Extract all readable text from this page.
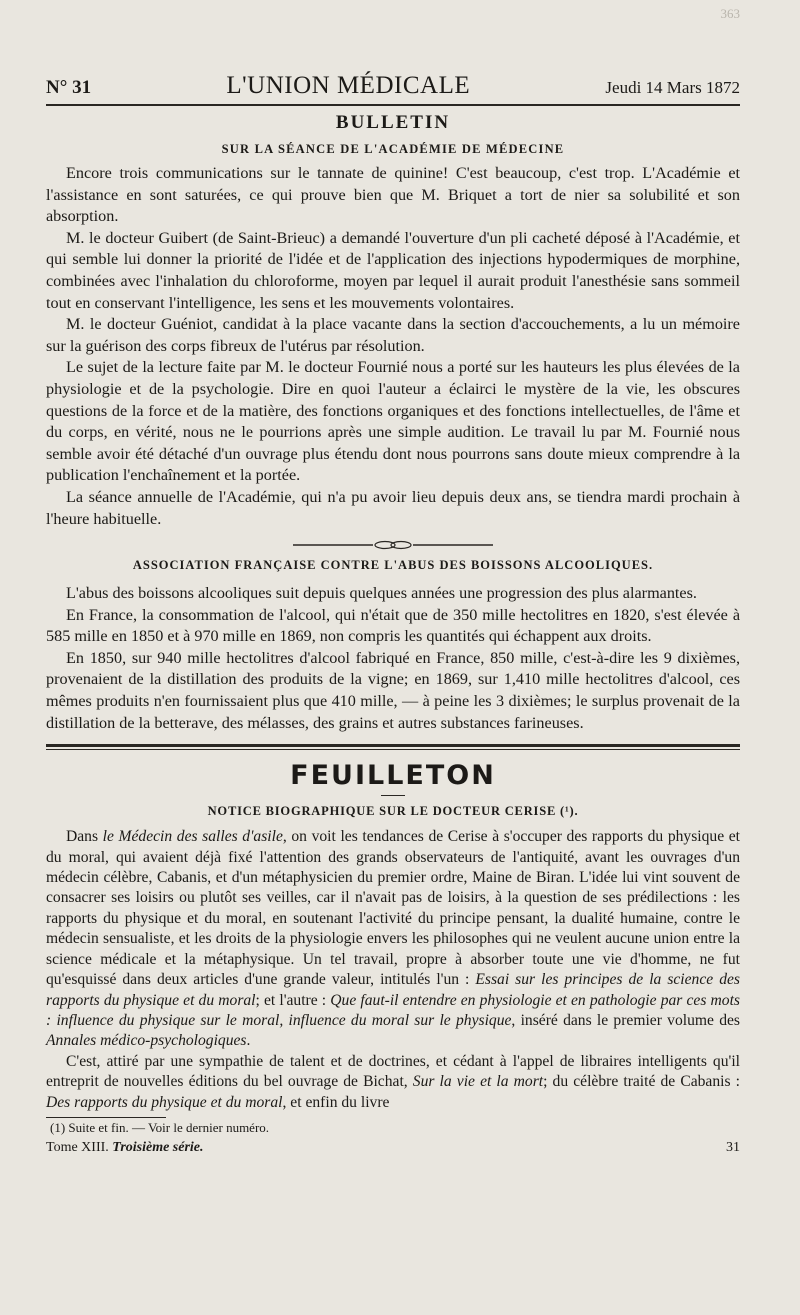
363
N° 31	L'UNION MÉDICALE	Jeudi 14 Mars 1872
BULLETIN
SUR LA SÉANCE DE L'ACADÉMIE DE MÉDECINE

Encore trois communications sur le tannate de quinine! C'est beaucoup, c'est trop. L'Académie et l'assistance en sont saturées, ce qui prouve bien que M. Briquet a tort de nier sa solubilité et son absorption.

M. le docteur Guibert (de Saint-Brieuc) a demandé l'ouverture d'un pli cacheté déposé à l'Académie, et qui semble lui donner la priorité de l'idée et de l'application des injections hypodermiques de morphine, combinées avec l'inhalation du chloroforme, moyen par lequel il aurait produit l'anesthésie sans sommeil tout en conservant l'intelligence, les sens et les mouvements volontaires.

M. le docteur Guéniot, candidat à la place vacante dans la section d'accouchements, a lu un mémoire sur la guérison des corps fibreux de l'utérus par résolution.

Le sujet de la lecture faite par M. le docteur Fournié nous a porté sur les hauteurs les plus élevées de la physiologie et de la psychologie. Dire en quoi l'auteur a éclairci le mystère de la vie, les obscures questions de la force et de la matière, des fonctions organiques et des fonctions intellectuelles, de l'âme et du corps, en vérité, nous ne le pourrions après une simple audition. Le travail lu par M. Fournié nous semble avoir été détaché d'un ouvrage plus étendu dont nous pourrons sans doute mieux comprendre à la publication l'enchaînement et la portée.

La séance annuelle de l'Académie, qui n'a pu avoir lieu depuis deux ans, se tiendra mardi prochain à l'heure habituelle.

ASSOCIATION FRANÇAISE CONTRE L'ABUS DES BOISSONS ALCOOLIQUES.

L'abus des boissons alcooliques suit depuis quelques années une progression des plus alarmantes.

En France, la consommation de l'alcool, qui n'était que de 350 mille hectolitres en 1820, s'est élevée à 585 mille en 1850 et à 970 mille en 1869, non compris les quantités qui échappent aux droits.

En 1850, sur 940 mille hectolitres d'alcool fabriqué en France, 850 mille, c'est-à-dire les 9 dixièmes, provenaient de la distillation des produits de la vigne; en 1869, sur 1,410 mille hectolitres d'alcool, ces mêmes produits n'en fournissaient plus que 410 mille, — à peine les 3 dixièmes; le surplus provenait de la distillation de la betterave, des mélasses, des grains et autres substances farineuses.

FEUILLETON
NOTICE BIOGRAPHIQUE SUR LE DOCTEUR CERISE (¹).

Dans le Médecin des salles d'asile, on voit les tendances de Cerise à s'occuper des rapports du physique et du moral, qui avaient déjà fixé l'attention des grands observateurs de l'antiquité, avant les ouvrages d'un médecin célèbre, Cabanis, et d'un métaphysicien du premier ordre, Maine de Biran. L'idée lui vint souvent de consacrer ses loisirs ou plutôt ses veilles, car il n'avait pas de loisirs, à la question de ses prédilections : les rapports du physique et du moral, en soutenant l'activité du principe pensant, la dualité humaine, contre le médecin sensualiste, et les droits de la physiologie envers les philosophes qui ne veulent aucune union entre la science médicale et la métaphysique. Un tel travail, propre à absorber toute une vie d'homme, ne fut qu'esquissé dans deux articles d'une grande valeur, intitulés l'un : Essai sur les principes de la science des rapports du physique et du moral; et l'autre : Que faut-il entendre en physiologie et en pathologie par ces mots : influence du physique sur le moral, influence du moral sur le physique, inséré dans le premier volume des Annales médico-psychologiques.

C'est, attiré par une sympathie de talent et de doctrines, et cédant à l'appel de libraires intelligents qu'il entreprit de nouvelles éditions du bel ouvrage de Bichat, Sur la vie et la mort; du célèbre traité de Cabanis : Des rapports du physique et du moral, et enfin du livre

(1) Suite et fin. — Voir le dernier numéro.

Tome XIII. Troisième série.	31
